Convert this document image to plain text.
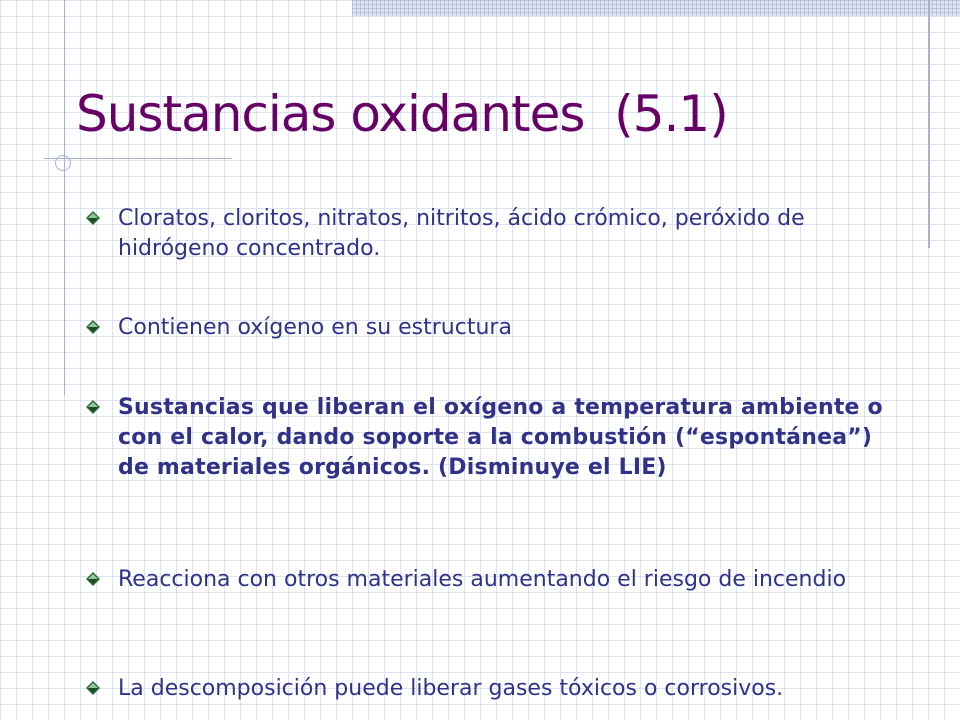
Sustancias oxidantes  (5.1)
Cloratos, cloritos, nitratos, nitritos, ácido crómico, peróxido de hidrógeno concentrado.
Contienen oxígeno en su estructura
Sustancias que liberan el oxígeno a temperatura ambiente o con el calor, dando soporte a la combustión (“espontánea”) de materiales orgánicos. (Disminuye el LIE)
Reacciona con otros materiales aumentando el riesgo de incendio
La descomposición puede liberar gases tóxicos o corrosivos.
